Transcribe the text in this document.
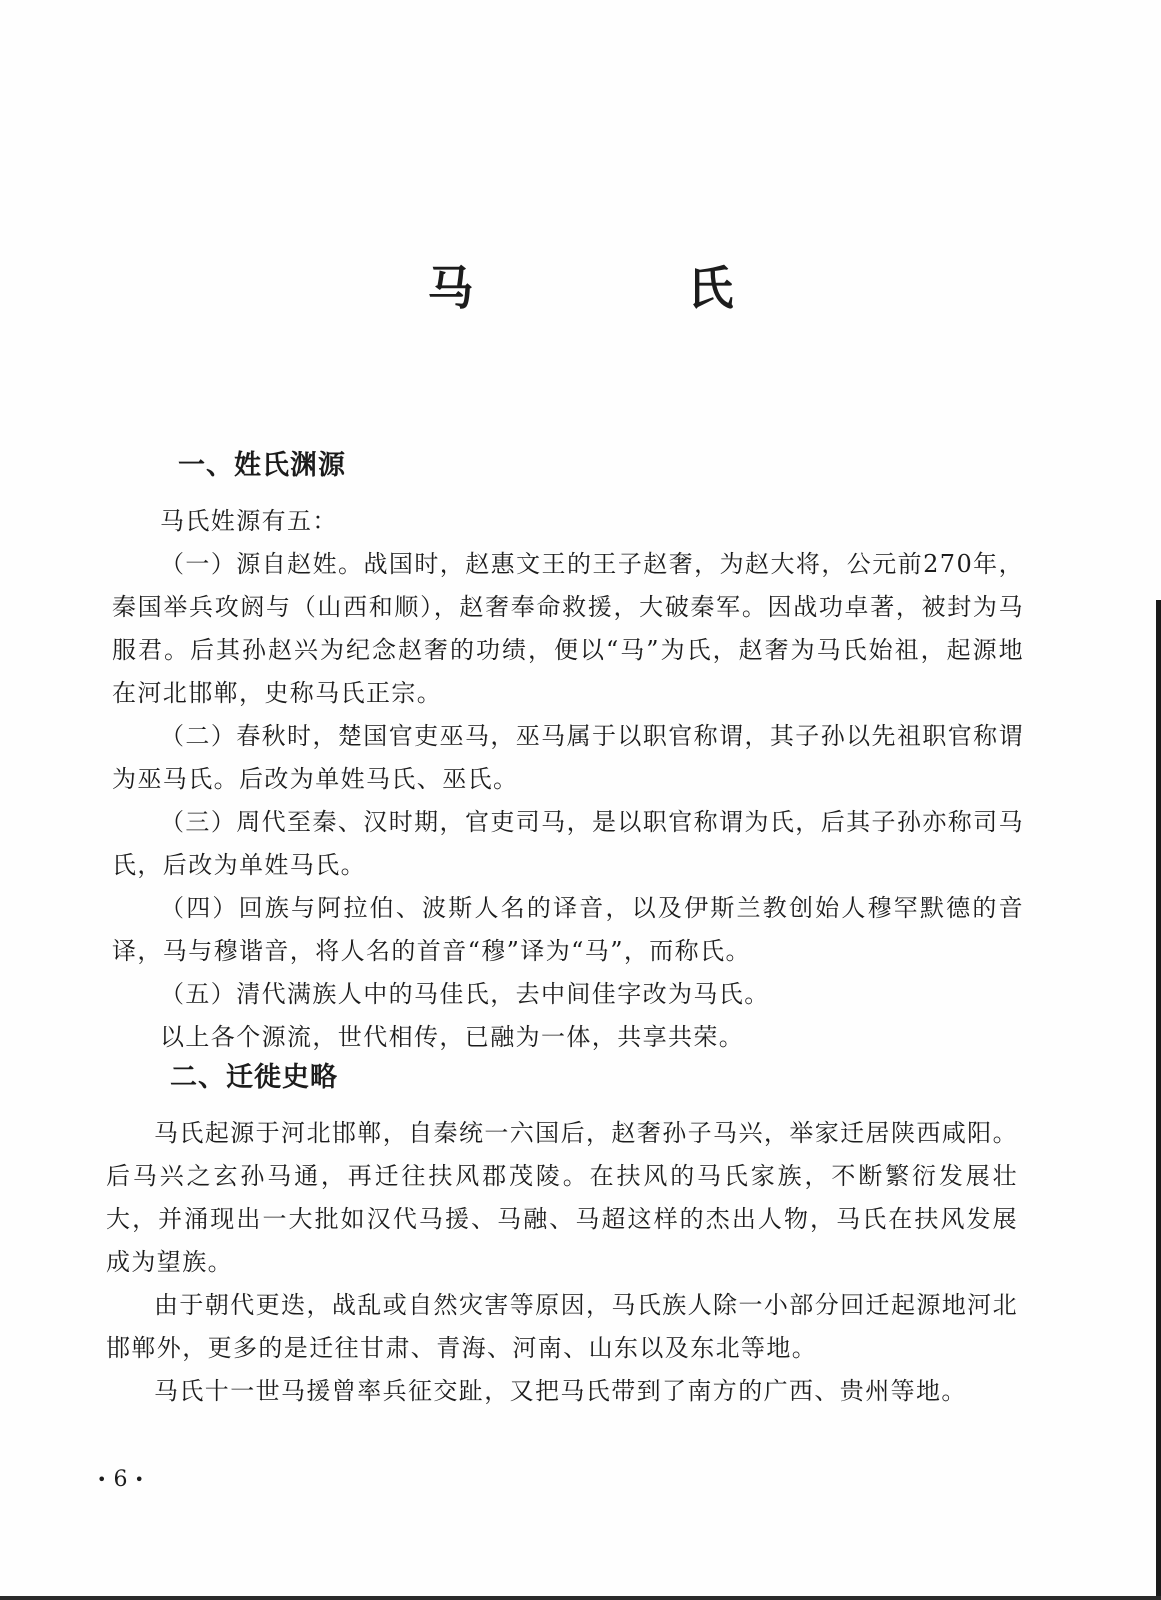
马　氏
一、姓氏渊源

马氏姓源有五：

（一）源自赵姓。战国时，赵惠文王的王子赵奢，为赵大将，公元前270年，秦国举兵攻阏与（山西和顺），赵奢奉命救援，大破秦军。因战功卓著，被封为马服君。后其孙赵兴为纪念赵奢的功绩，便以“马”为氏，赵奢为马氏始祖，起源地在河北邯郸，史称马氏正宗。

（二）春秋时，楚国官吏巫马，巫马属于以职官称谓，其子孙以先祖职官称谓为巫马氏。后改为单姓马氏、巫氏。

（三）周代至秦、汉时期，官吏司马，是以职官称谓为氏，后其子孙亦称司马氏，后改为单姓马氏。

（四）回族与阿拉伯、波斯人名的译音，以及伊斯兰教创始人穆罕默德的音译，马与穆谐音，将人名的首音“穆”译为“马”，而称氏。

（五）清代满族人中的马佳氏，去中间佳字改为马氏。

以上各个源流，世代相传，已融为一体，共享共荣。

二、迁徙史略

马氏起源于河北邯郸，自秦统一六国后，赵奢孙子马兴，举家迁居陕西咸阳。后马兴之玄孙马通，再迁往扶风郡茂陵。在扶风的马氏家族，不断繁衍发展壮大，并涌现出一大批如汉代马援、马融、马超这样的杰出人物，马氏在扶风发展成为望族。

由于朝代更迭，战乱或自然灾害等原因，马氏族人除一小部分回迁起源地河北邯郸外，更多的是迁往甘肃、青海、河南、山东以及东北等地。

马氏十一世马援曾率兵征交趾，又把马氏带到了南方的广西、贵州等地。

• 6 •
